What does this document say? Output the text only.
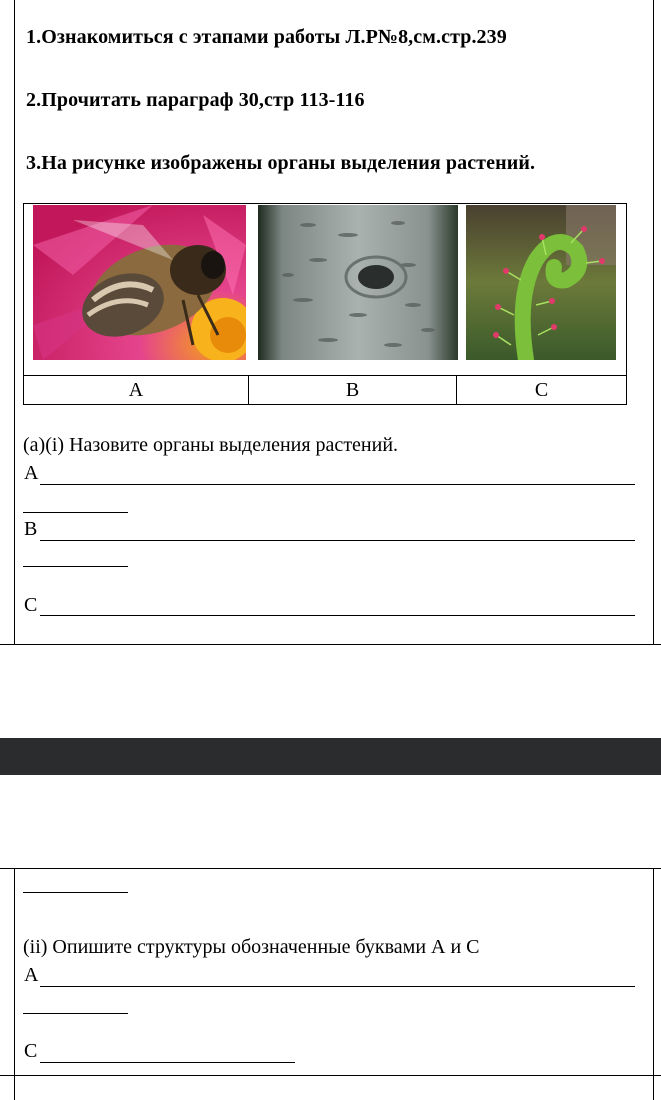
1.Ознакомиться с этапами работы Л.Р№8,см.стр.239
2.Прочитать параграф 30,стр 113-116
3.На рисунке изображены органы выделения растений.
A	B	C
(a)(i) Назовите органы выделения растений.
A
B
C
(ii) Опишите структуры обозначенные буквами А и С
A
C
